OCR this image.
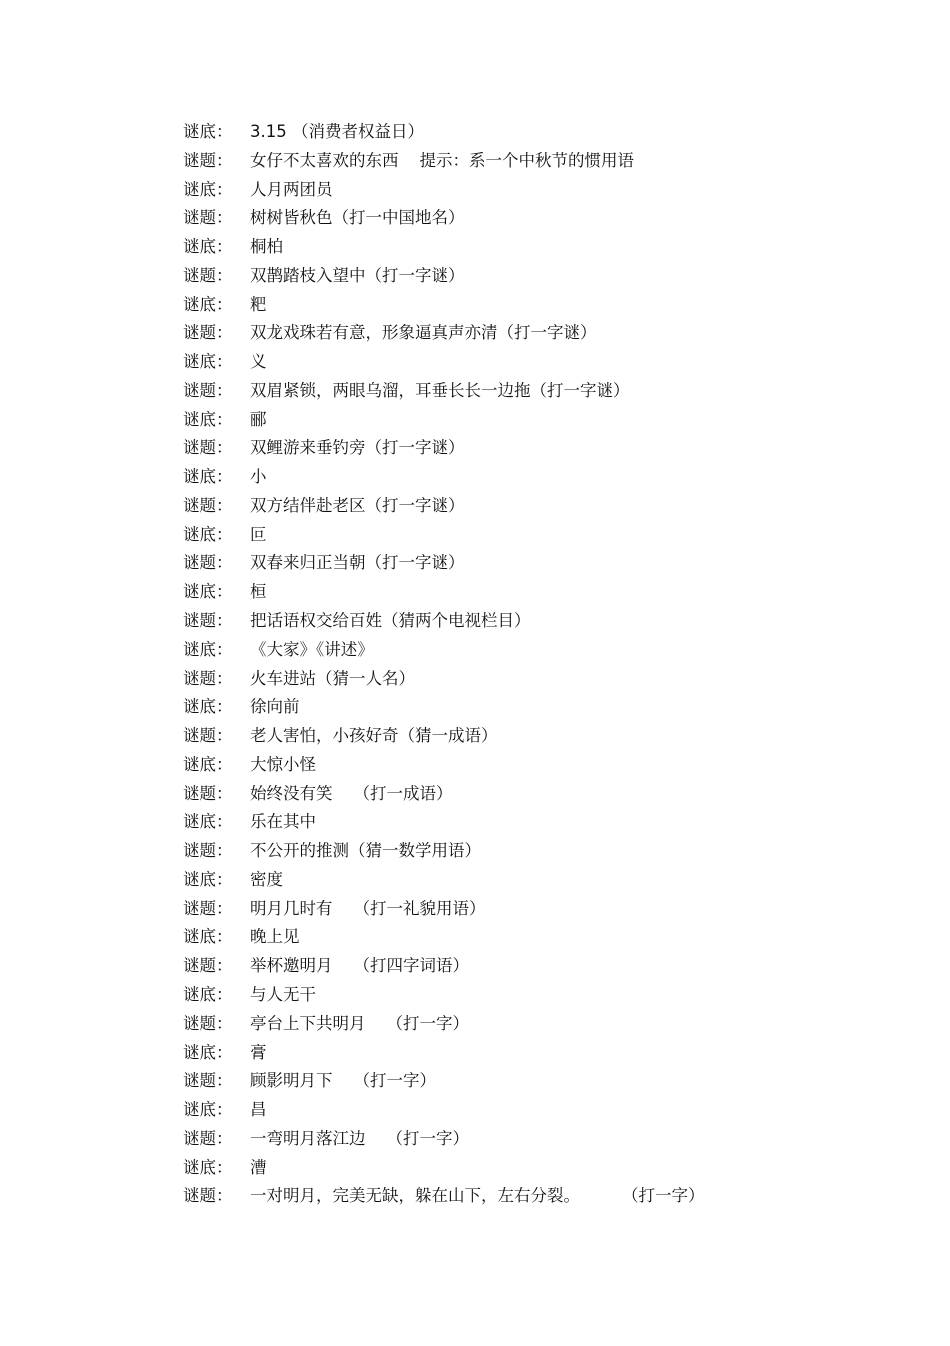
谜底：	3.15 （消费者权益日）
谜题：	女仔不太喜欢的东西    提示：系一个中秋节的惯用语
谜底：	人月两团员
谜题：	树树皆秋色（打一中国地名）
谜底：	桐柏
谜题：	双鹊踏枝入望中（打一字谜）
谜底：	粑
谜题：	双龙戏珠若有意，形象逼真声亦清（打一字谜）
谜底：	义
谜题：	双眉紧锁，两眼乌溜，耳垂长长一边拖（打一字谜）
谜底：	郦
谜题：	双鲤游来垂钓旁（打一字谜）
谜底：	小
谜题：	双方结伴赴老区（打一字谜）
谜底：	叵
谜题：	双春来归正当朝（打一字谜）
谜底：	桓
谜题：	把话语权交给百姓（猜两个电视栏目）
谜底：	《大家》《讲述》
谜题：	火车进站（猜一人名）
谜底：	徐向前
谜题：	老人害怕，小孩好奇（猜一成语）
谜底：	大惊小怪
谜题：	始终没有笑    （打一成语）
谜底：	乐在其中
谜题：	不公开的推测（猜一数学用语）
谜底：	密度
谜题：	明月几时有    （打一礼貌用语）
谜底：	晚上见
谜题：	举杯邀明月    （打四字词语）
谜底：	与人无干
谜题：	亭台上下共明月    （打一字）
谜底：	膏
谜题：	顾影明月下    （打一字）
谜底：	昌
谜题：	一弯明月落江边    （打一字）
谜底：	漕
谜题：	一对明月，完美无缺，躲在山下，左右分裂。        （打一字）
